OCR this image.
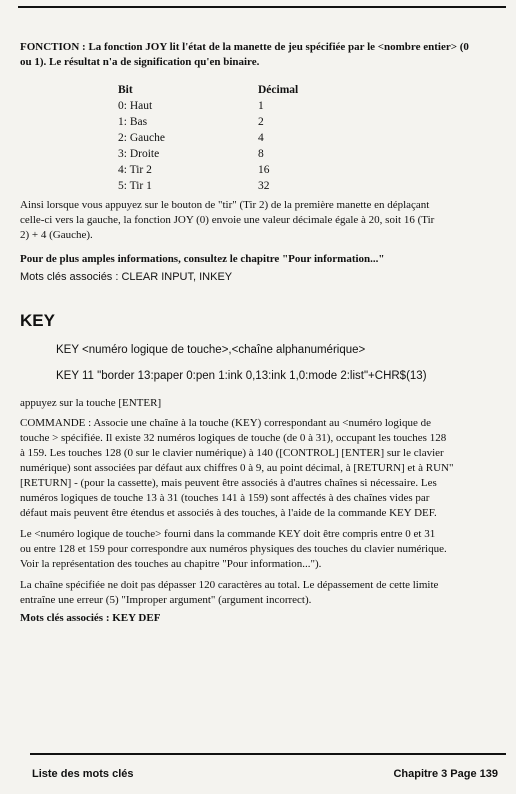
FONCTION : La fonction JOY lit l'état de la manette de jeu spécifiée par le <nombre entier> (0

ou 1). Le résultat n'a de signification qu'en binaire.

Bit	Décimal

0: Haut	1

1: Bas	2

2: Gauche	4

3: Droite	8

4: Tir 2	16

5: Tir 1	32

Ainsi lorsque vous appuyez sur le bouton de "tir" (Tir 2) de la première manette en déplaçant

celle-ci vers la gauche, la fonction JOY (0) envoie une valeur décimale égale à 20, soit 16 (Tir

2) + 4 (Gauche).

Pour de plus amples informations, consultez le chapitre "Pour information..."

Mots clés associés : CLEAR INPUT, INKEY

KEY

KEY <numéro logique de touche>,<chaîne alphanumérique>

KEY 11 "border 13:paper 0:pen 1:ink 0,13:ink 1,0:mode 2:list"+CHR$(13)

appuyez sur la touche [ENTER]

COMMANDE : Associe une chaîne à la touche (KEY) correspondant au <numéro logique de

touche > spécifiée. Il existe 32 numéros logiques de touche (de 0 à 31), occupant les touches 128

à 159. Les touches 128 (0 sur le clavier numérique) à 140 ([CONTROL] [ENTER] sur le clavier

numérique) sont associées par défaut aux chiffres 0 à 9, au point décimal, à [RETURN] et à RUN"

[RETURN] - (pour la cassette), mais peuvent être associés à d'autres chaînes si nécessaire. Les

numéros logiques de touche 13 à 31 (touches 141 à 159) sont affectés à des chaînes vides par

défaut mais peuvent être étendus et associés à des touches, à l'aide de la commande KEY DEF.

Le <numéro logique de touche> fourni dans la commande KEY doit être compris entre 0 et 31

ou entre 128 et 159 pour correspondre aux numéros physiques des touches du clavier numérique.

Voir la représentation des touches au chapitre "Pour information...").

La chaîne spécifiée ne doit pas dépasser 120 caractères au total. Le dépassement de cette limite

entraîne une erreur (5) "Improper argument" (argument incorrect).

Mots clés associés : KEY DEF

Liste des mots clés	Chapitre 3 Page 139
